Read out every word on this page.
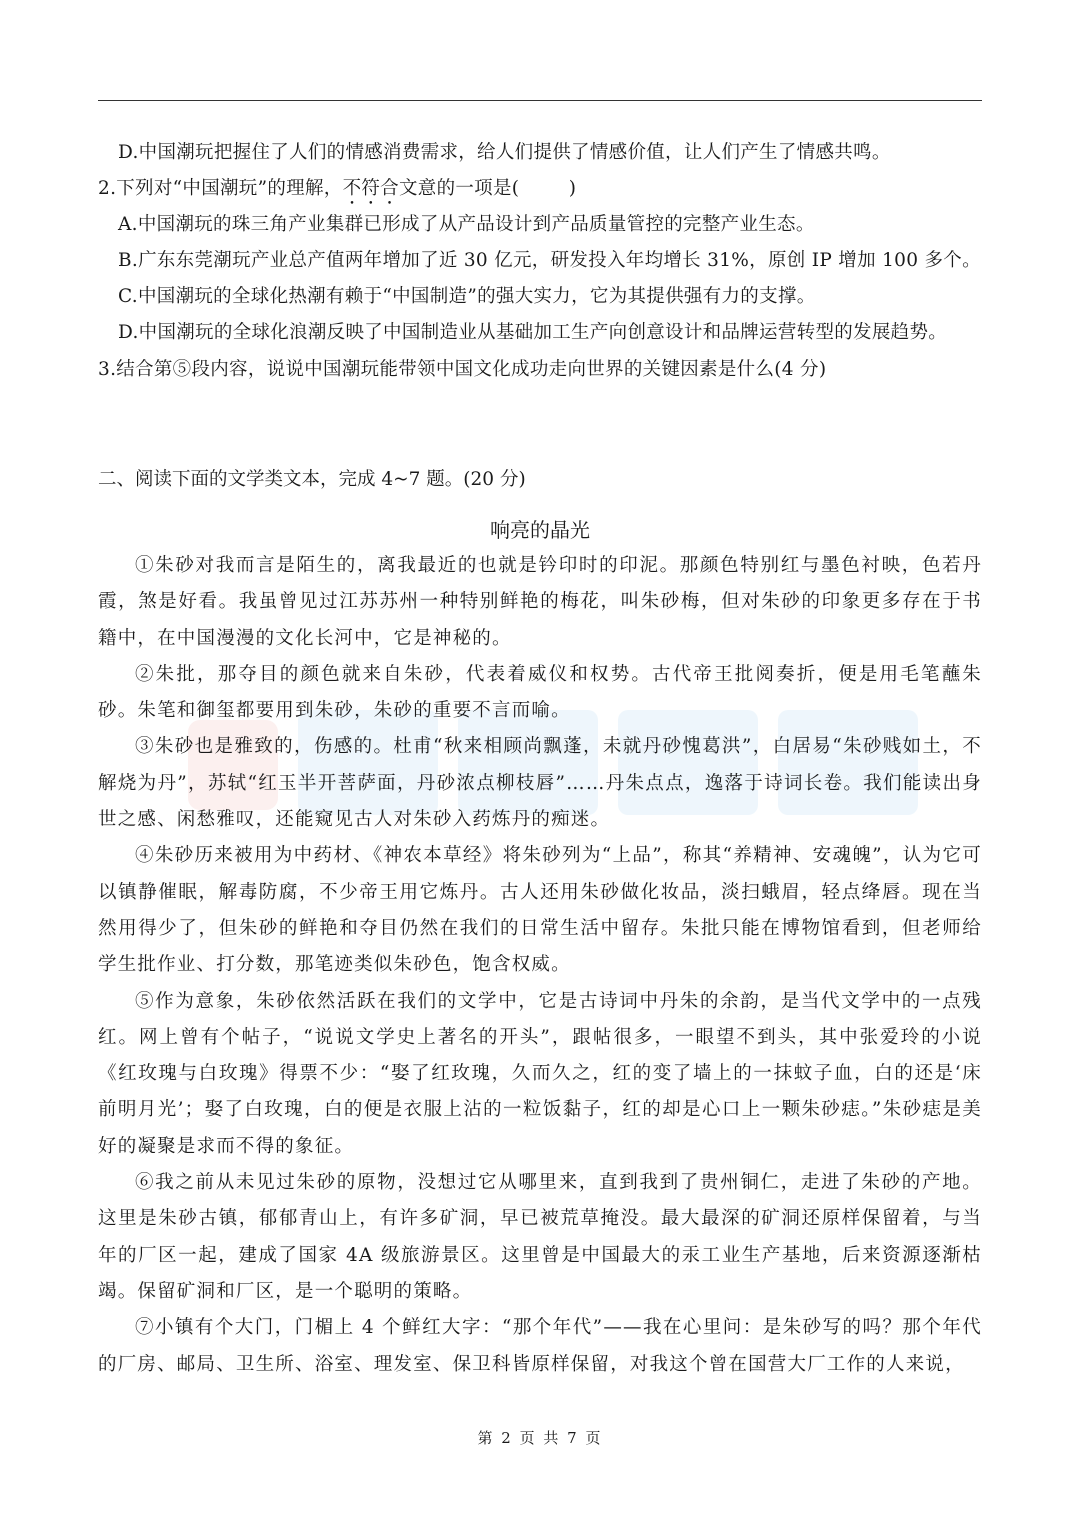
D.中国潮玩把握住了人们的情感消费需求，给人们提供了情感价值，让人们产生了情感共鸣。
2.下列对“中国潮玩”的理解，不符合文意的一项是(        )
A.中国潮玩的珠三角产业集群已形成了从产品设计到产品质量管控的完整产业生态。
B.广东东莞潮玩产业总产值两年增加了近 30 亿元，研发投入年均增长 31%，原创 IP 增加 100 多个。
C.中国潮玩的全球化热潮有赖于“中国制造”的强大实力，它为其提供强有力的支撑。
D.中国潮玩的全球化浪潮反映了中国制造业从基础加工生产向创意设计和品牌运营转型的发展趋势。
3.结合第⑤段内容，说说中国潮玩能带领中国文化成功走向世界的关键因素是什么(4 分)
二、阅读下面的文学类文本，完成 4~7 题。(20 分)
响亮的晶光

①朱砂对我而言是陌生的，离我最近的也就是钤印时的印泥。那颜色特别红与墨色衬映，色若丹霞，煞是好看。我虽曾见过江苏苏州一种特别鲜艳的梅花，叫朱砂梅，但对朱砂的印象更多存在于书籍中，在中国漫漫的文化长河中，它是神秘的。

②朱批，那夺目的颜色就来自朱砂，代表着威仪和权势。古代帝王批阅奏折，便是用毛笔蘸朱砂。朱笔和御玺都要用到朱砂，朱砂的重要不言而喻。

③朱砂也是雅致的，伤感的。杜甫“秋来相顾尚飘蓬，未就丹砂愧葛洪”，白居易“朱砂贱如土，不解烧为丹”，苏轼“红玉半开菩萨面，丹砂浓点柳枝唇”……丹朱点点，逸落于诗词长卷。我们能读出身世之感、闲愁雅叹，还能窥见古人对朱砂入药炼丹的痴迷。

④朱砂历来被用为中药材、《神农本草经》将朱砂列为“上品”，称其“养精神、安魂魄”，认为它可以镇静催眠，解毒防腐，不少帝王用它炼丹。古人还用朱砂做化妆品，淡扫蛾眉，轻点绛唇。现在当然用得少了，但朱砂的鲜艳和夺目仍然在我们的日常生活中留存。朱批只能在博物馆看到，但老师给学生批作业、打分数，那笔迹类似朱砂色，饱含权威。

⑤作为意象，朱砂依然活跃在我们的文学中，它是古诗词中丹朱的余韵，是当代文学中的一点残红。网上曾有个帖子，“说说文学史上著名的开头”，跟帖很多，一眼望不到头，其中张爱玲的小说《红玫瑰与白玫瑰》得票不少：“娶了红玫瑰，久而久之，红的变了墙上的一抹蚊子血，白的还是‘床前明月光’；娶了白玫瑰，白的便是衣服上沾的一粒饭黏子，红的却是心口上一颗朱砂痣。”朱砂痣是美好的凝聚是求而不得的象征。

⑥我之前从未见过朱砂的原物，没想过它从哪里来，直到我到了贵州铜仁，走进了朱砂的产地。这里是朱砂古镇，郁郁青山上，有许多矿洞，早已被荒草掩没。最大最深的矿洞还原样保留着，与当年的厂区一起，建成了国家 4A 级旅游景区。这里曾是中国最大的汞工业生产基地，后来资源逐渐枯竭。保留矿洞和厂区，是一个聪明的策略。

⑦小镇有个大门，门楣上 4 个鲜红大字：“那个年代”——我在心里问：是朱砂写的吗？那个年代的厂房、邮局、卫生所、浴室、理发室、保卫科皆原样保留，对我这个曾在国营大厂工作的人来说，

第 2 页 共 7 页
